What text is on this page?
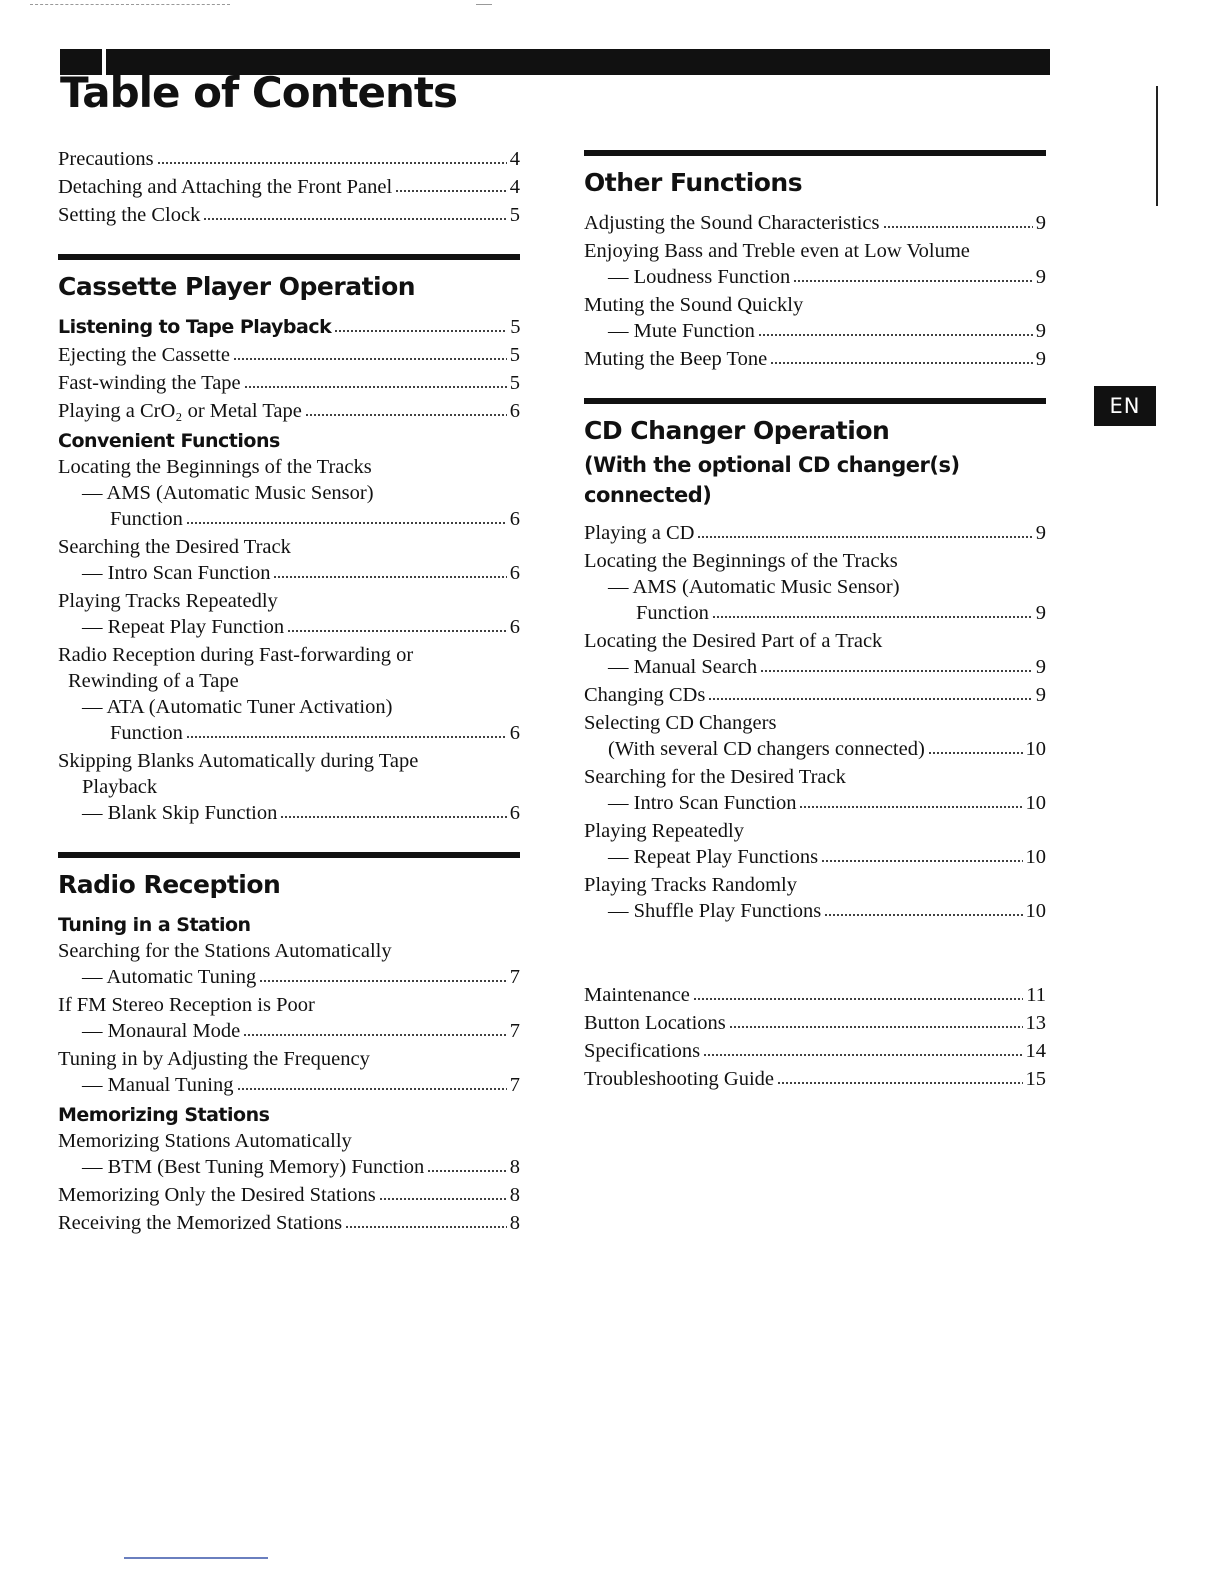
Table of Contents
EN
Precautions	4
Detaching and Attaching the Front Panel	4
Setting the Clock	5
Cassette Player Operation
Listening to Tape Playback	5
Ejecting the Cassette	5
Fast-winding the Tape	5
Playing a CrO₂ or Metal Tape	6
Convenient Functions
Locating the Beginnings of the Tracks
— AMS (Automatic Music Sensor)
Function	6
Searching the Desired Track
— Intro Scan Function	6
Playing Tracks Repeatedly
— Repeat Play Function	6
Radio Reception during Fast-forwarding or
Rewinding of a Tape
— ATA (Automatic Tuner Activation)
Function	6
Skipping Blanks Automatically during Tape
Playback
— Blank Skip Function	6
Radio Reception
Tuning in a Station
Searching for the Stations Automatically
— Automatic Tuning	7
If FM Stereo Reception is Poor
— Monaural Mode	7
Tuning in by Adjusting the Frequency
— Manual Tuning	7
Memorizing Stations
Memorizing Stations Automatically
— BTM (Best Tuning Memory) Function	8
Memorizing Only the Desired Stations	8
Receiving the Memorized Stations	8
Other Functions
Adjusting the Sound Characteristics	9
Enjoying Bass and Treble even at Low Volume
— Loudness Function	9
Muting the Sound Quickly
— Mute Function	9
Muting the Beep Tone	9
CD Changer Operation
(With the optional CD changer(s)
connected)
Playing a CD	9
Locating the Beginnings of the Tracks
— AMS (Automatic Music Sensor)
Function	9
Locating the Desired Part of a Track
— Manual Search	9
Changing CDs	9
Selecting CD Changers
(With several CD changers connected)	10
Searching for the Desired Track
— Intro Scan Function	10
Playing Repeatedly
— Repeat Play Functions	10
Playing Tracks Randomly
— Shuffle Play Functions	10
Maintenance	11
Button Locations	13
Specifications	14
Troubleshooting Guide	15
